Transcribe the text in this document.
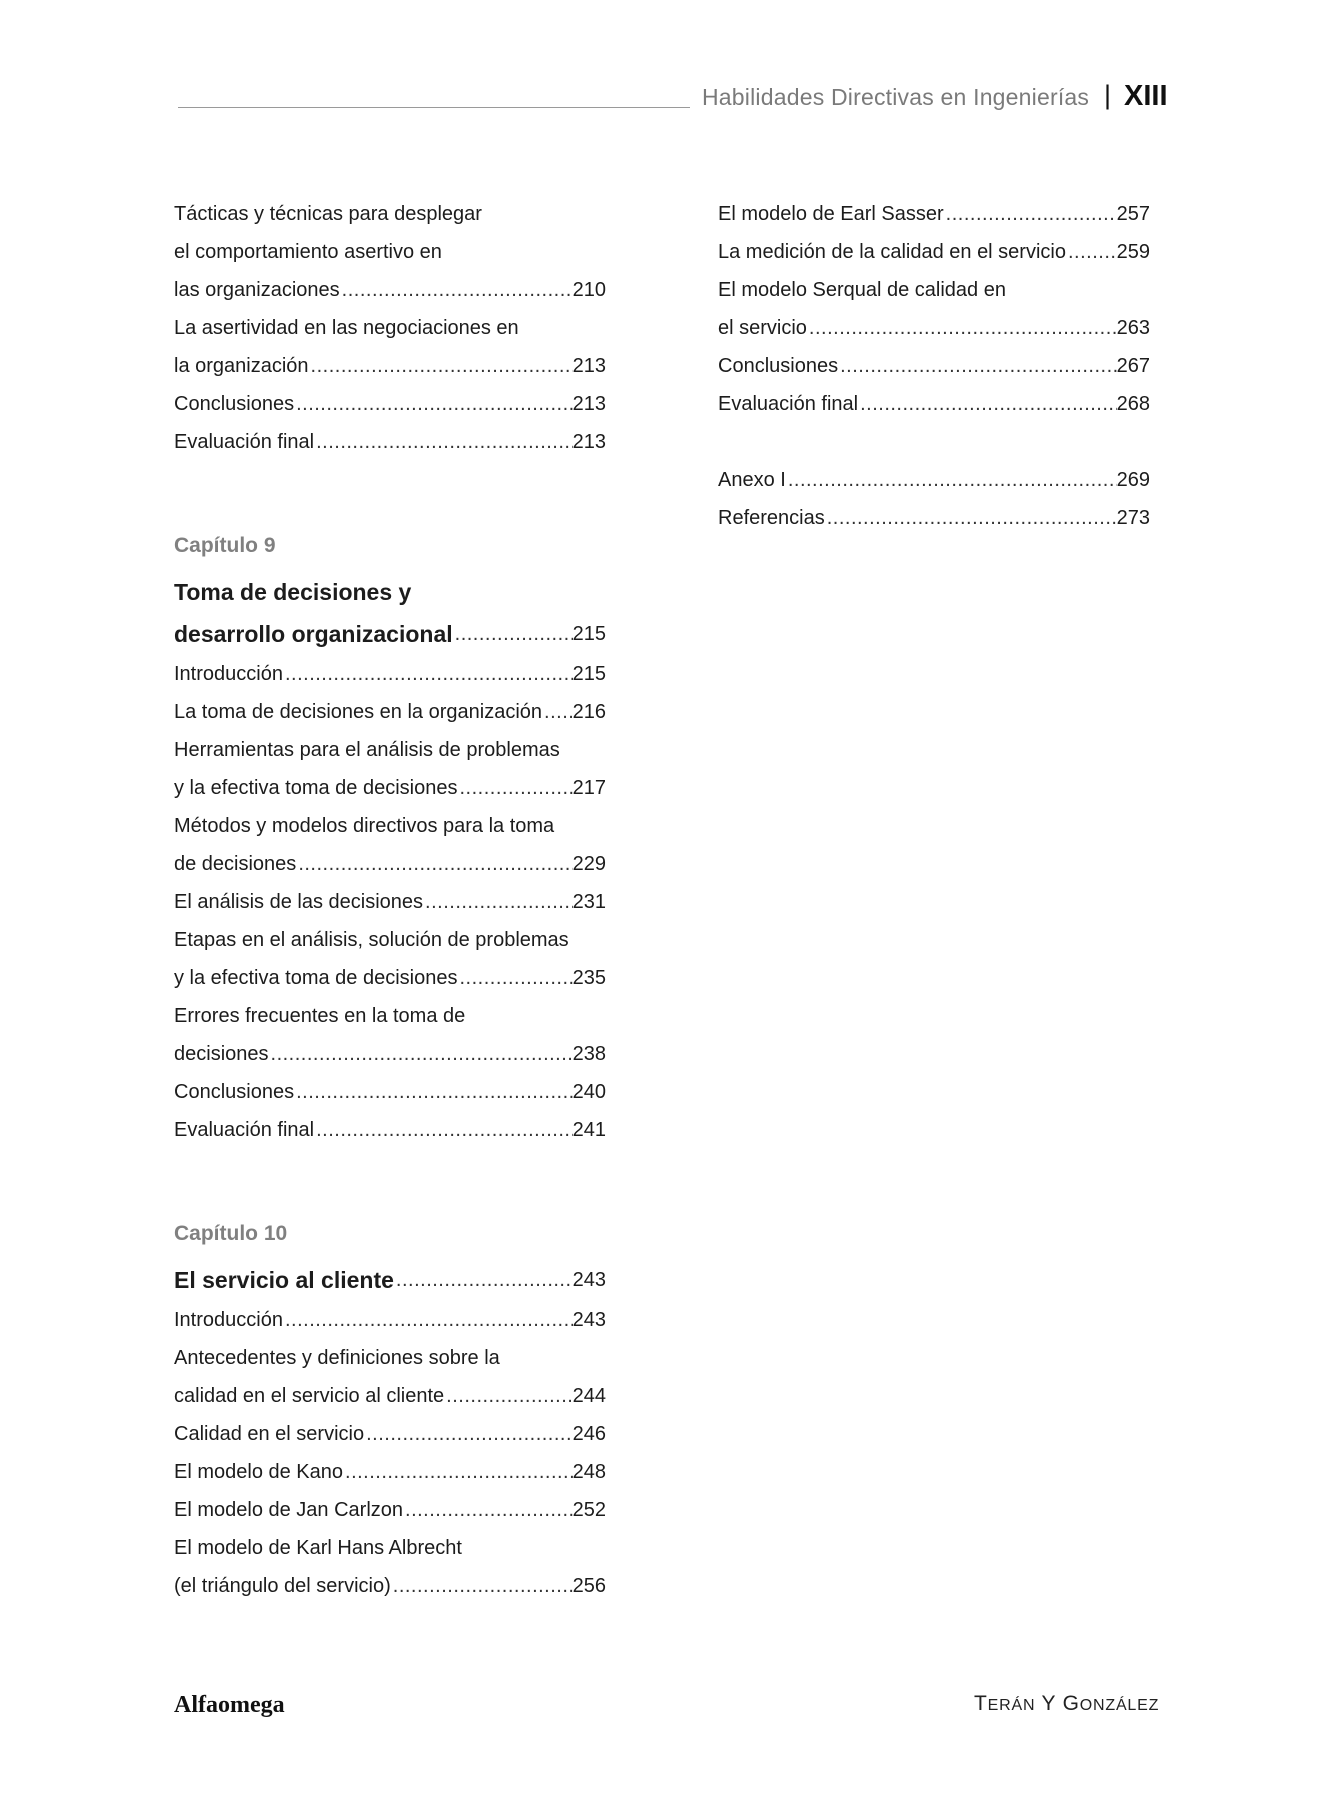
Habilidades Directivas en Ingenierías | XIII
Tácticas y técnicas para desplegar
el comportamiento asertivo en
las organizaciones .....	210
La asertividad en las negociaciones en
la organización .....	213
Conclusiones .....	213
Evaluación final .....	213
Capítulo 9
Toma de decisiones y
desarrollo organizacional .....	215
Introducción .....	215
La toma de decisiones en la organización ..... 216
Herramientas para el análisis de problemas
y la efectiva toma de decisiones .....	217
Métodos y modelos directivos para la toma
de decisiones .....	229
El análisis de las decisiones .....	231
Etapas en el análisis, solución de problemas
y la efectiva toma de decisiones .....	235
Errores frecuentes en la toma de
decisiones .....	238
Conclusiones .....	240
Evaluación final .....	241
Capítulo 10
El servicio al cliente .....	243
Introducción .....	243
Antecedentes y definiciones sobre la
calidad en el servicio al cliente .....	244
Calidad en el servicio .....	246
El modelo de Kano .....	248
El modelo de Jan Carlzon .....	252
El modelo de Karl Hans Albrecht
(el triángulo del servicio) .....	256
El modelo de Earl Sasser .....	257
La medición de la calidad en el servicio .....	259
El modelo Serqual de calidad en
el servicio .....	263
Conclusiones .....	267
Evaluación final .....	268
Anexo I .....	269
Referencias .....	273
Alfaomega	TERÁN Y GONZÁLEZ
